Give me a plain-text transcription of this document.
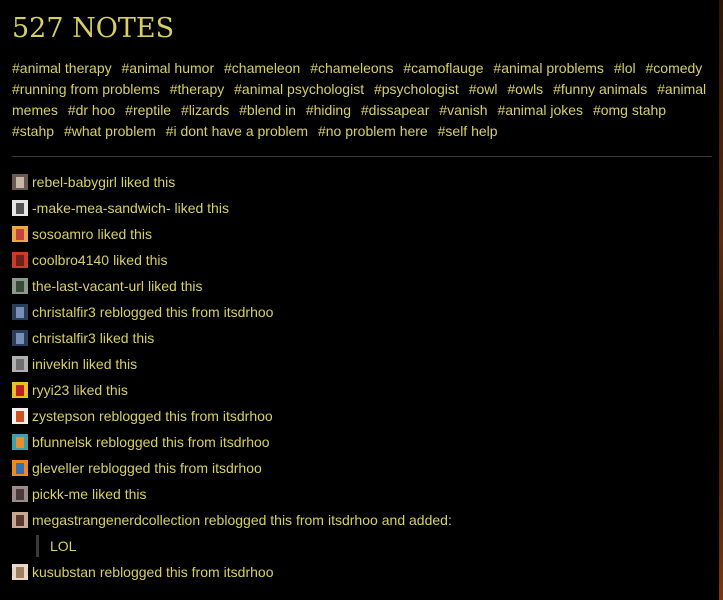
527 NOTES
#animal therapy #animal humor #chameleon #chameleons #camoflauge #animal problems #lol #comedy #running from problems #therapy #animal psychologist #psychologist #owl #owls #funny animals #animal memes #dr hoo #reptile #lizards #blend in #hiding #dissapear #vanish #animal jokes #omg stahp #stahp #what problem #i dont have a problem #no problem here #self help
rebel-babygirl liked this
-make-mea-sandwich- liked this
sosoamro liked this
coolbro4140 liked this
the-last-vacant-url liked this
christalfir3 reblogged this from itsdrhoo
christalfir3 liked this
inivekin liked this
ryyi23 liked this
zystepson reblogged this from itsdrhoo
bfunnelsk reblogged this from itsdrhoo
gleveller reblogged this from itsdrhoo
pickk-me liked this
megastrangenerdcollection reblogged this from itsdrhoo and added:
LOL
kusubstan reblogged this from itsdrhoo
